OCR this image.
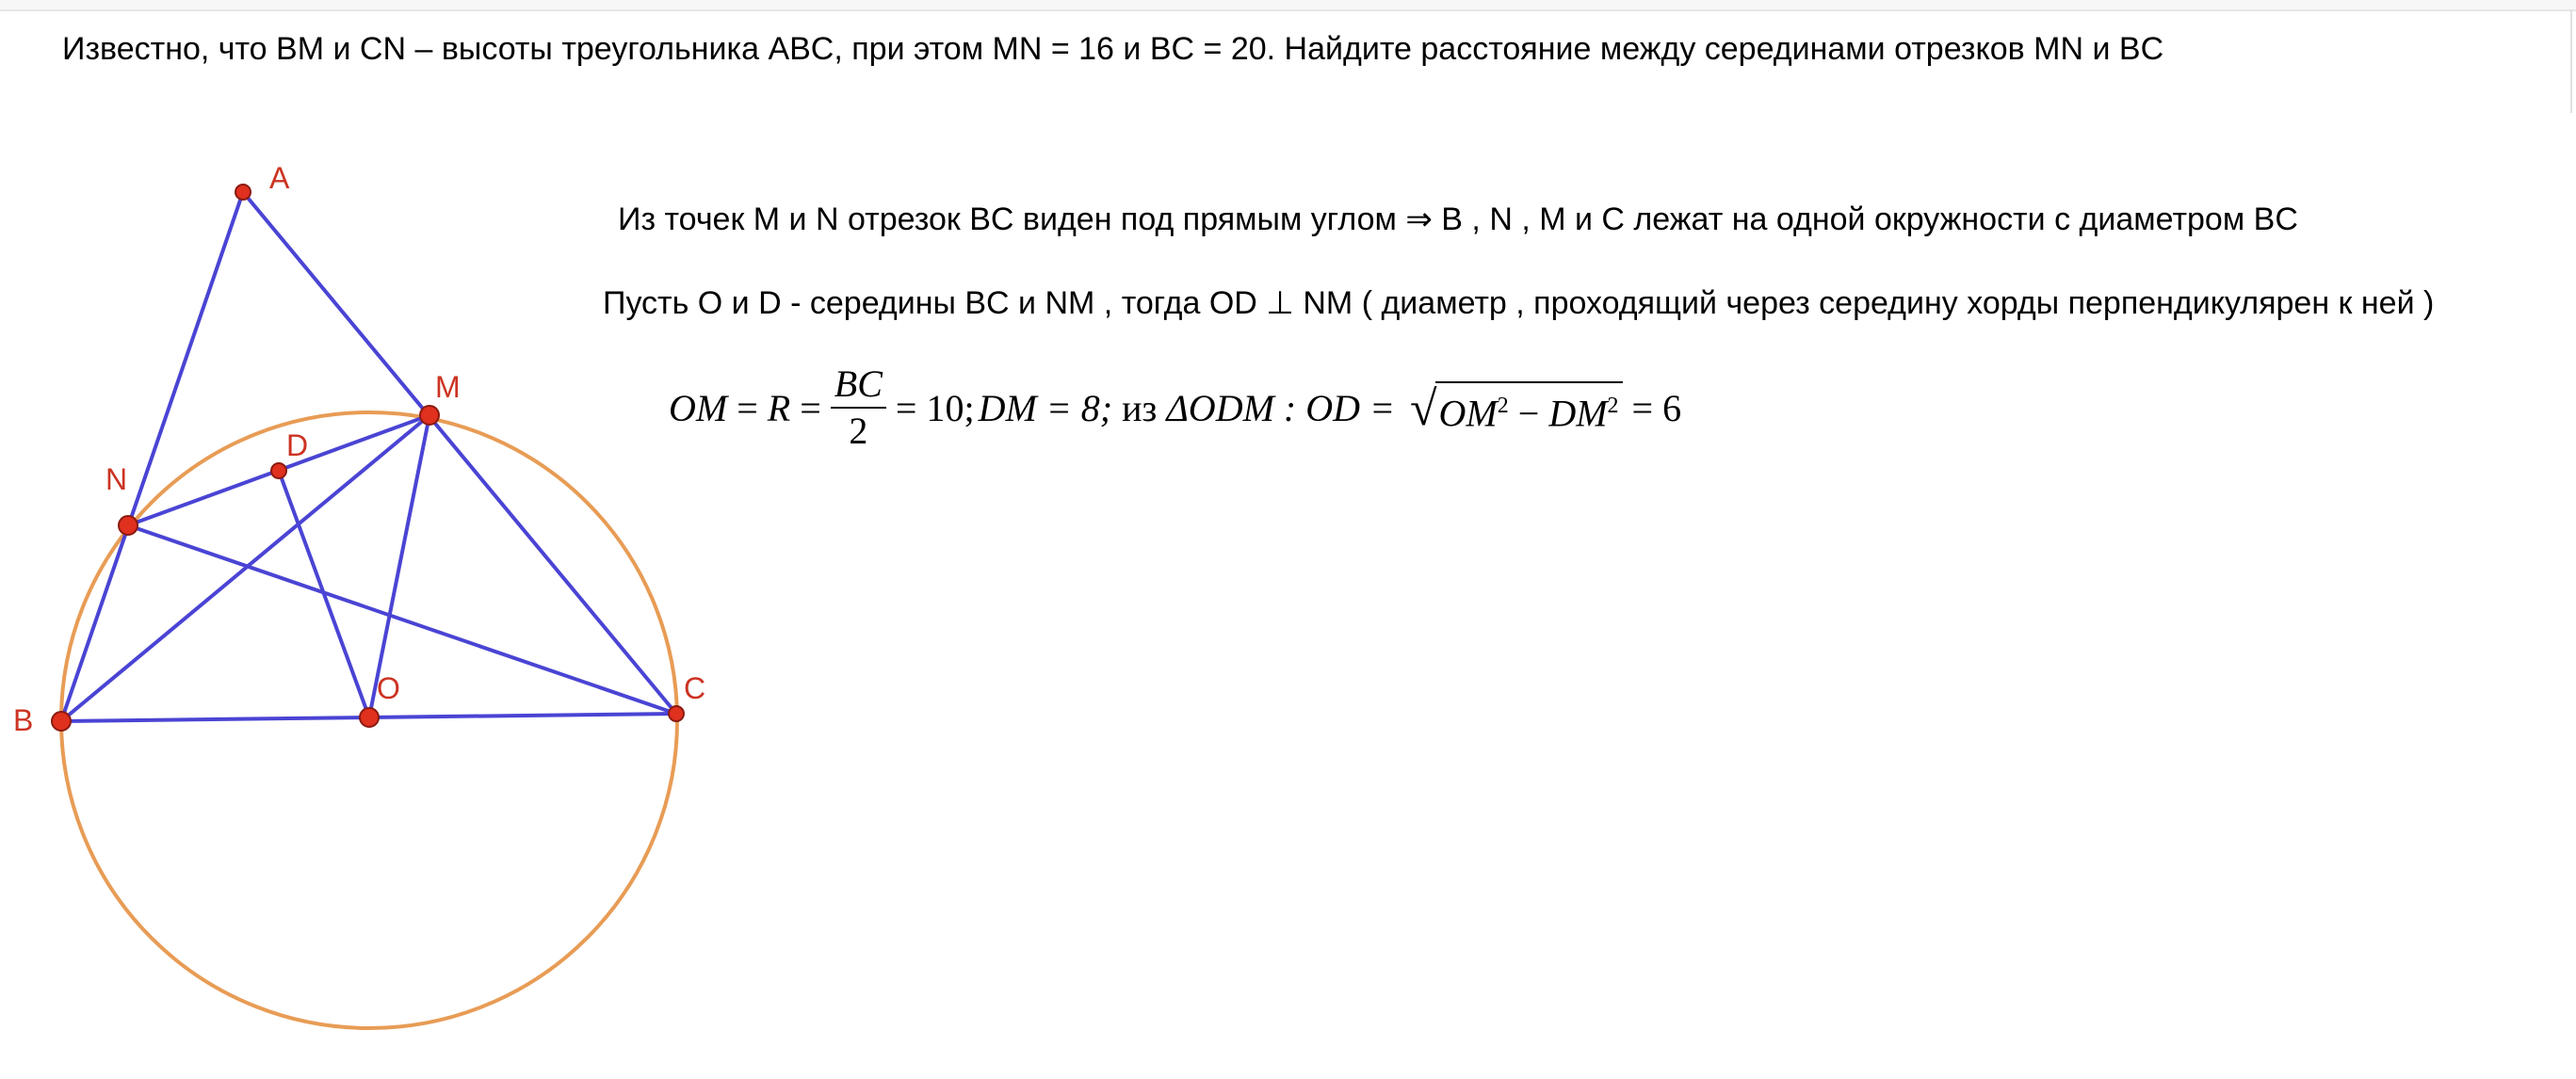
Известно, что BM и CN – высоты треугольника ABC, при этом MN = 16 и BC = 20. Найдите расстояние между серединами отрезков MN и BC
Из точек M и N отрезок BC виден под прямым углом ⇒ B , N , M и C лежат на одной окружности с диаметром BC
Пусть O и D - середины BC и NM , тогда OD ⊥ NM ( диаметр , проходящий через середину хорды перпендикулярен к ней )
OM = $R = \frac{BC}{2} = 10$; DM = 8; из ΔODM : OD = √ $OM^2 - DM^2 = 6$
A
B
C
M
N
D
O
